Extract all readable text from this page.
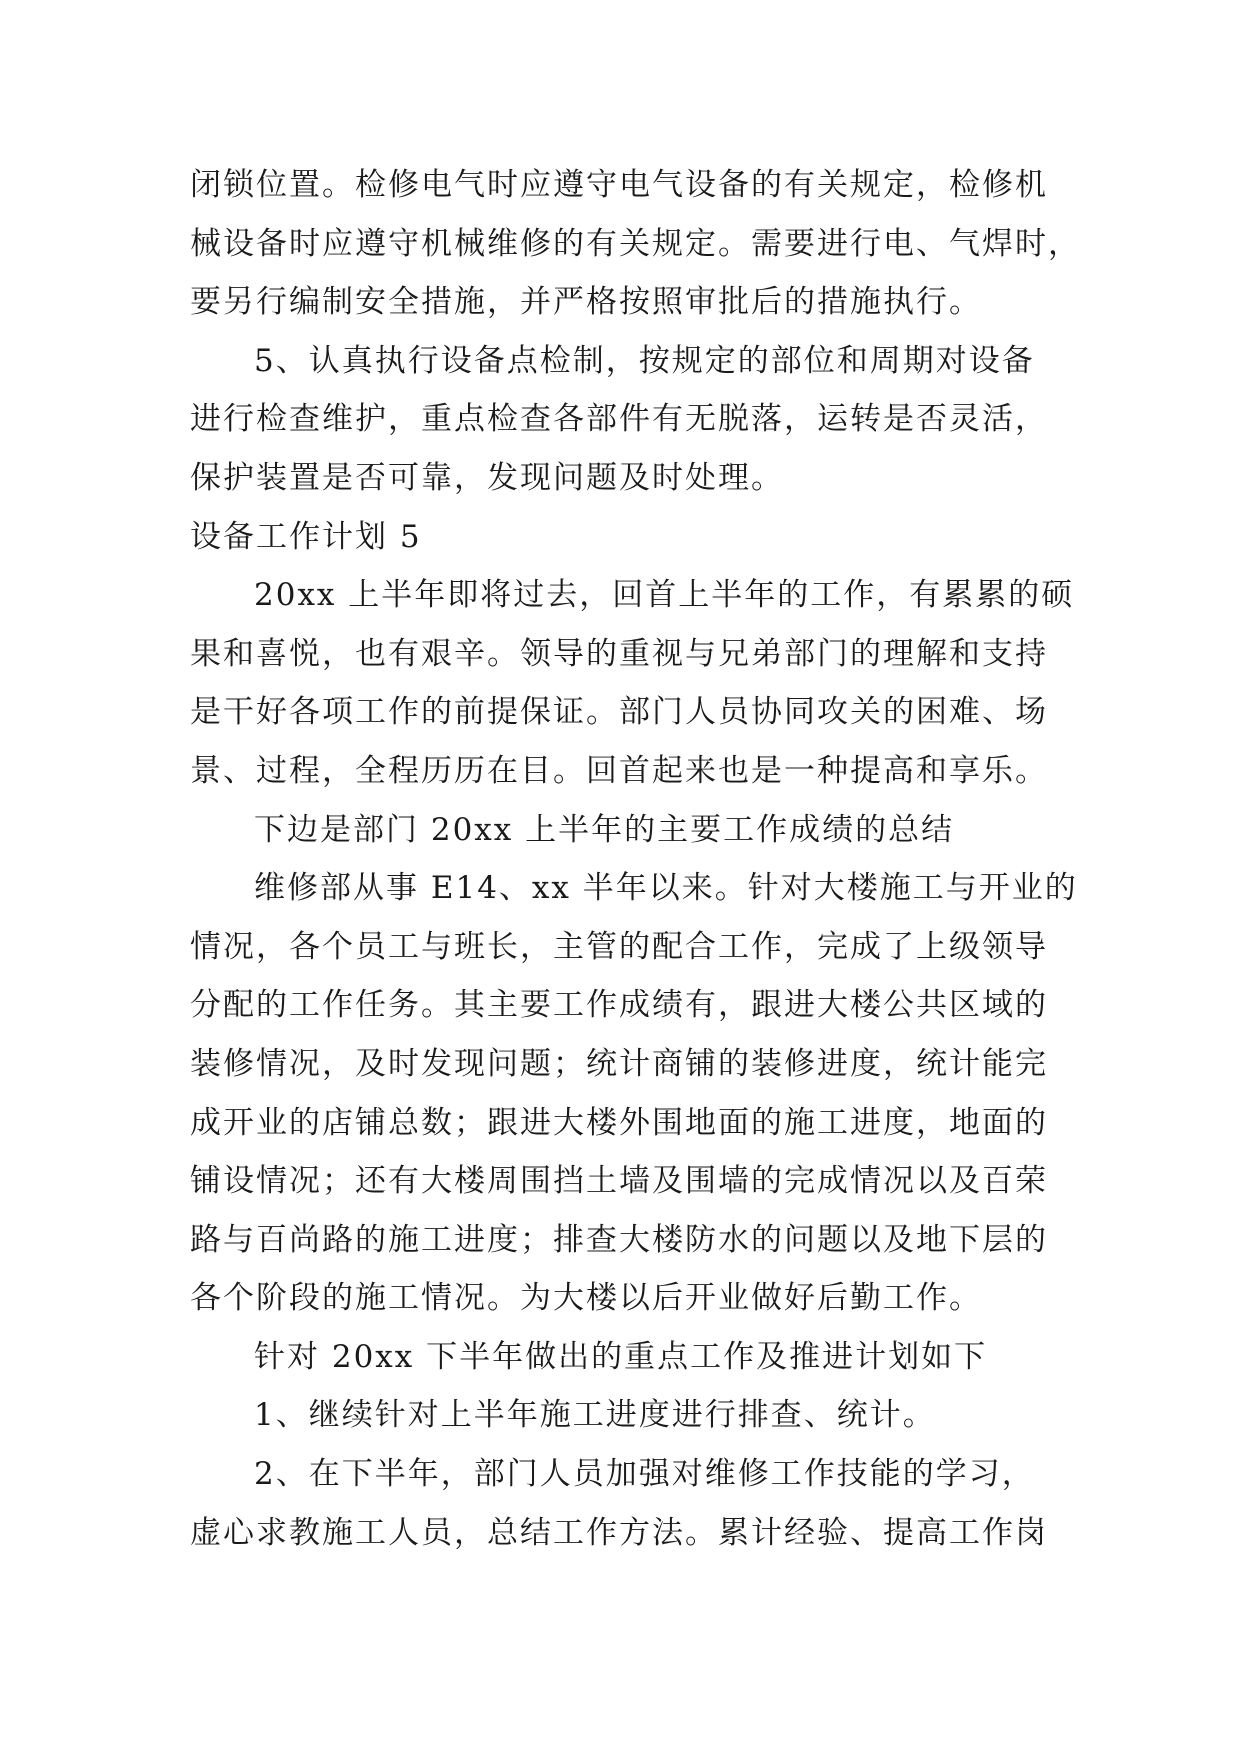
闭锁位置。检修电气时应遵守电气设备的有关规定，检修机
械设备时应遵守机械维修的有关规定。需要进行电、气焊时，
要另行编制安全措施，并严格按照审批后的措施执行。
5、认真执行设备点检制，按规定的部位和周期对设备
进行检查维护，重点检查各部件有无脱落，运转是否灵活，
保护装置是否可靠，发现问题及时处理。
设备工作计划 5
20xx 上半年即将过去，回首上半年的工作，有累累的硕
果和喜悦，也有艰辛。领导的重视与兄弟部门的理解和支持
是干好各项工作的前提保证。部门人员协同攻关的困难、场
景、过程，全程历历在目。回首起来也是一种提高和享乐。
下边是部门 20xx 上半年的主要工作成绩的总结
维修部从事 E14、xx 半年以来。针对大楼施工与开业的
情况，各个员工与班长，主管的配合工作，完成了上级领导
分配的工作任务。其主要工作成绩有，跟进大楼公共区域的
装修情况，及时发现问题；统计商铺的装修进度，统计能完
成开业的店铺总数；跟进大楼外围地面的施工进度，地面的
铺设情况；还有大楼周围挡土墙及围墙的完成情况以及百荣
路与百尚路的施工进度；排查大楼防水的问题以及地下层的
各个阶段的施工情况。为大楼以后开业做好后勤工作。
针对 20xx 下半年做出的重点工作及推进计划如下
1、继续针对上半年施工进度进行排查、统计。
2、在下半年，部门人员加强对维修工作技能的学习，
虚心求教施工人员，总结工作方法。累计经验、提高工作岗
